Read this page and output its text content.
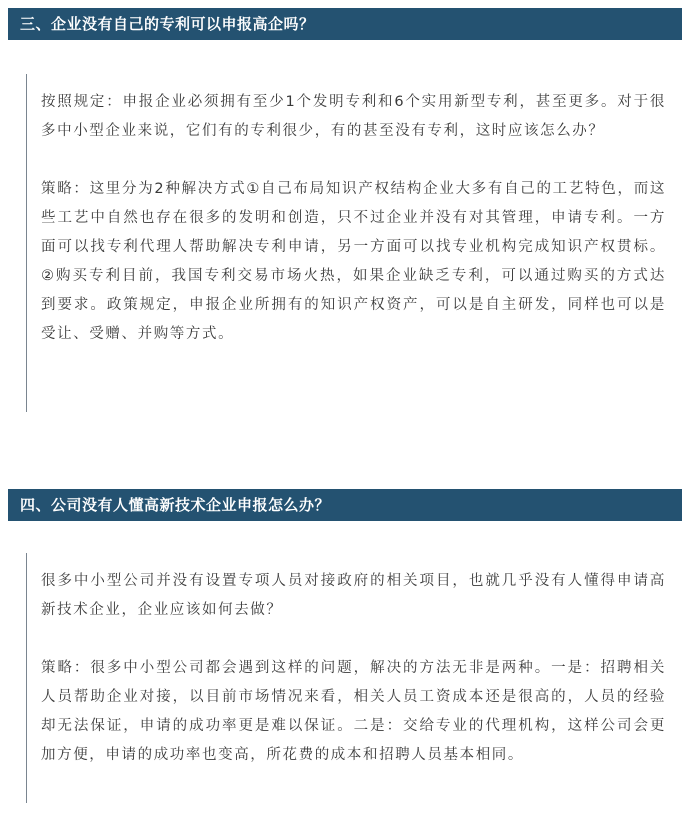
三、企业没有自己的专利可以申报高企吗？

按照规定：申报企业必须拥有至少1个发明专利和6个实用新型专利，甚至更多。对于很多中小型企业来说，它们有的专利很少，有的甚至没有专利，这时应该怎么办？

策略：这里分为2种解决方式①自己布局知识产权结构企业大多有自己的工艺特色，而这些工艺中自然也存在很多的发明和创造，只不过企业并没有对其管理，申请专利。一方面可以找专利代理人帮助解决专利申请，另一方面可以找专业机构完成知识产权贯标。②购买专利目前，我国专利交易市场火热，如果企业缺乏专利，可以通过购买的方式达到要求。政策规定，申报企业所拥有的知识产权资产，可以是自主研发，同样也可以是受让、受赠、并购等方式。

四、公司没有人懂高新技术企业申报怎么办？

很多中小型公司并没有设置专项人员对接政府的相关项目，也就几乎没有人懂得申请高新技术企业，企业应该如何去做？

策略：很多中小型公司都会遇到这样的问题，解决的方法无非是两种。一是：招聘相关人员帮助企业对接，以目前市场情况来看，相关人员工资成本还是很高的，人员的经验却无法保证，申请的成功率更是难以保证。二是：交给专业的代理机构，这样公司会更加方便，申请的成功率也变高，所花费的成本和招聘人员基本相同。
